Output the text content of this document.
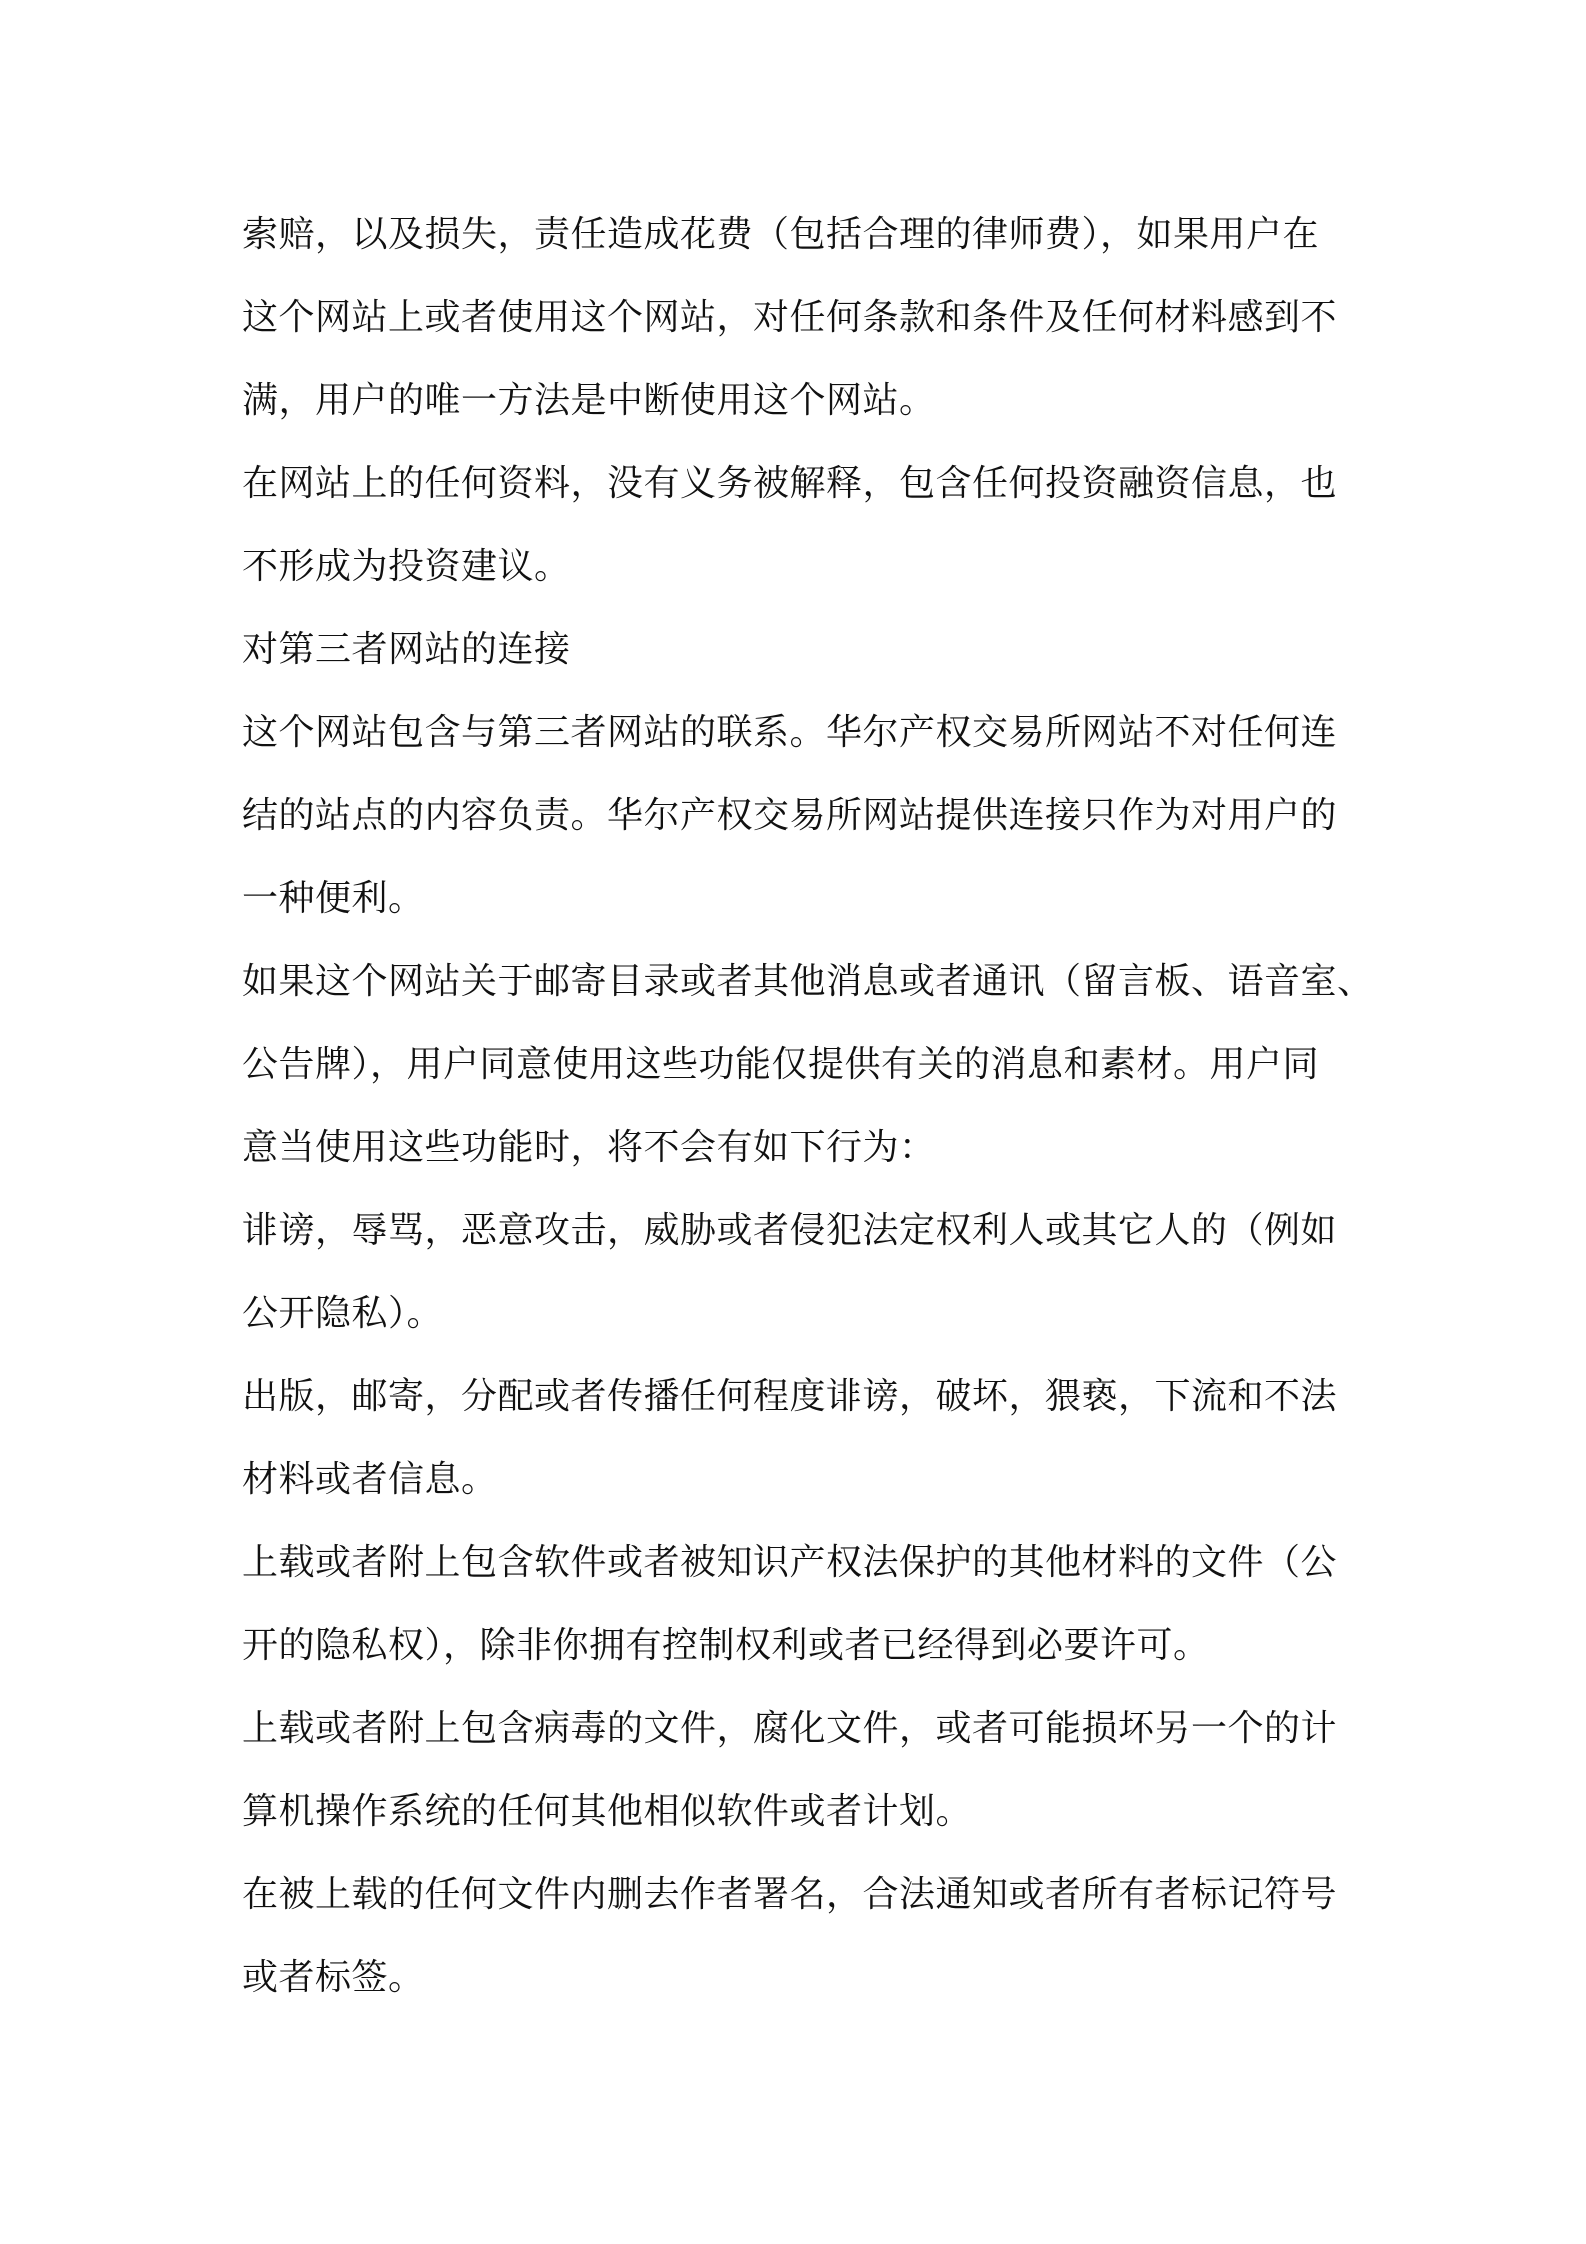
索赔，以及损失，责任造成花费（包括合理的律师费），如果用户在

这个网站上或者使用这个网站，对任何条款和条件及任何材料感到不

满，用户的唯一方法是中断使用这个网站。

在网站上的任何资料，没有义务被解释，包含任何投资融资信息，也

不形成为投资建议。

对第三者网站的连接

这个网站包含与第三者网站的联系。华尔产权交易所网站不对任何连

结的站点的内容负责。华尔产权交易所网站提供连接只作为对用户的

一种便利。

如果这个网站关于邮寄目录或者其他消息或者通讯（留言板、语音室、

公告牌），用户同意使用这些功能仅提供有关的消息和素材。用户同

意当使用这些功能时，将不会有如下行为：

诽谤，辱骂，恶意攻击，威胁或者侵犯法定权利人或其它人的（例如

公开隐私）。

出版，邮寄，分配或者传播任何程度诽谤，破坏，猥亵，下流和不法

材料或者信息。

上载或者附上包含软件或者被知识产权法保护的其他材料的文件（公

开的隐私权），除非你拥有控制权利或者已经得到必要许可。

上载或者附上包含病毒的文件，腐化文件，或者可能损坏另一个的计

算机操作系统的任何其他相似软件或者计划。

在被上载的任何文件内删去作者署名，合法通知或者所有者标记符号

或者标签。
